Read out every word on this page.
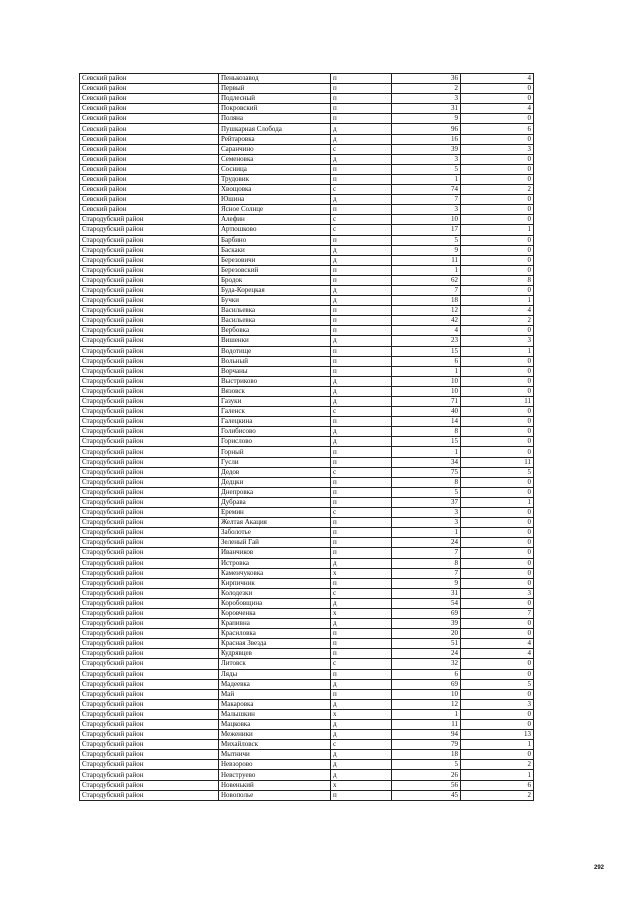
Севский район	Пенькозавод	п	36	4
Севский район	Первый	п	2	0
Севский район	Подлесный	п	3	0
Севский район	Покровский	п	31	4
Севский район	Поляна	п	9	0
Севский район	Пушкарная Слобода	д	96	6
Севский район	Рейтаровка	д	16	0
Севский район	Саранчино	с	39	3
Севский район	Семеновка	д	3	0
Севский район	Сосница	п	5	0
Севский район	Трудовик	п	1	0
Севский район	Хвощовка	с	74	2
Севский район	Юшина	д	7	0
Севский район	Ясное Солнце	п	3	0
Стародубский район	Алефин	с	10	0
Стародубский район	Артюшково	с	17	1
Стародубский район	Барбино	п	5	0
Стародубский район	Баскаки	д	9	0
Стародубский район	Березовичи	д	11	0
Стародубский район	Березовский	п	1	0
Стародубский район	Бродок	п	62	8
Стародубский район	Буда-Корецкая	д	7	0
Стародубский район	Бучки	д	18	1
Стародубский район	Васильевка	п	12	4
Стародубский район	Васильевка	п	42	2
Стародубский район	Вербовка	п	4	0
Стародубский район	Вишенки	д	23	3
Стародубский район	Водотище	п	15	1
Стародубский район	Вольный	п	6	0
Стародубский район	Ворчаны	п	1	0
Стародубский район	Выстриково	д	10	0
Стародубский район	Вязовск	д	10	0
Стародубский район	Газуки	д	71	11
Стародубский район	Галенск	с	40	0
Стародубский район	Галецкина	п	14	0
Стародубский район	Голибисово	д	8	0
Стародубский район	Горислово	д	15	0
Стародубский район	Горный	п	1	0
Стародубский район	Гусли	п	34	11
Стародубский район	Дедов	с	75	5
Стародубский район	Дедцки	п	8	0
Стародубский район	Днепровка	п	5	0
Стародубский район	Дубрава	п	37	1
Стародубский район	Еремин	с	3	0
Стародубский район	Желтая Акация	п	3	0
Стародубский район	Заболотье	п	1	0
Стародубский район	Зеленый Гай	п	24	0
Стародубский район	Иванчиков	п	7	0
Стародубский район	Истровка	д	8	0
Стародубский район	Каменчуковка	х	7	0
Стародубский район	Кирпичник	п	9	0
Стародубский район	Колодезки	с	31	3
Стародубский район	Коробовщина	д	54	0
Стародубский район	Коровченка	х	69	7
Стародубский район	Крапивна	д	39	0
Стародубский район	Красиловка	п	20	0
Стародубский район	Красная Звезда	п	51	4
Стародубский район	Кудрявцев	п	24	4
Стародубский район	Литовск	с	32	0
Стародубский район	Ляды	п	6	0
Стародубский район	Мадеевка	д	69	5
Стародубский район	Май	п	10	0
Стародубский район	Макаровка	д	12	3
Стародубский район	Малышкин	х	1	0
Стародубский район	Мацковка	д	11	0
Стародубский район	Меженики	д	94	13
Стародубский район	Михайловск	с	79	1
Стародубский район	Мытничи	д	18	0
Стародубский район	Невзорово	д	5	2
Стародубский район	Невструево	д	26	1
Стародубский район	Новенький	х	56	6
Стародубский район	Новополье	п	45	2
292
